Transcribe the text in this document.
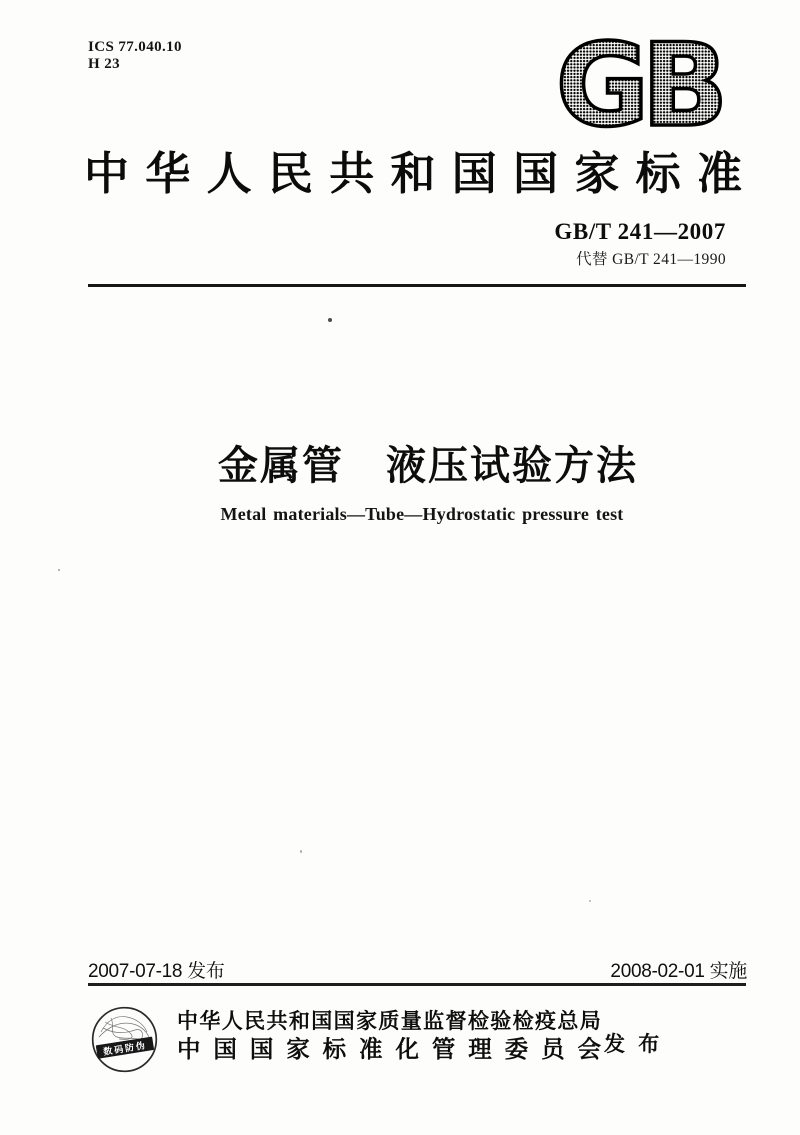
ICS 77.040.10
H 23	GB
中 华 人 民 共 和 国 国 家 标 准
GB/T 241—2007
代替 GB/T 241—1990
金属管　液压试验方法
Metal materials—Tube—Hydrostatic pressure test
2007-07-18 发布	2008-02-01 实施
数码防伪
中 华 人 民 共 和 国 国 家 质 量 监 督 检 验 检 疫 总 局
中 国 国 家 标 准 化 管 理 委 员 会 发 布
